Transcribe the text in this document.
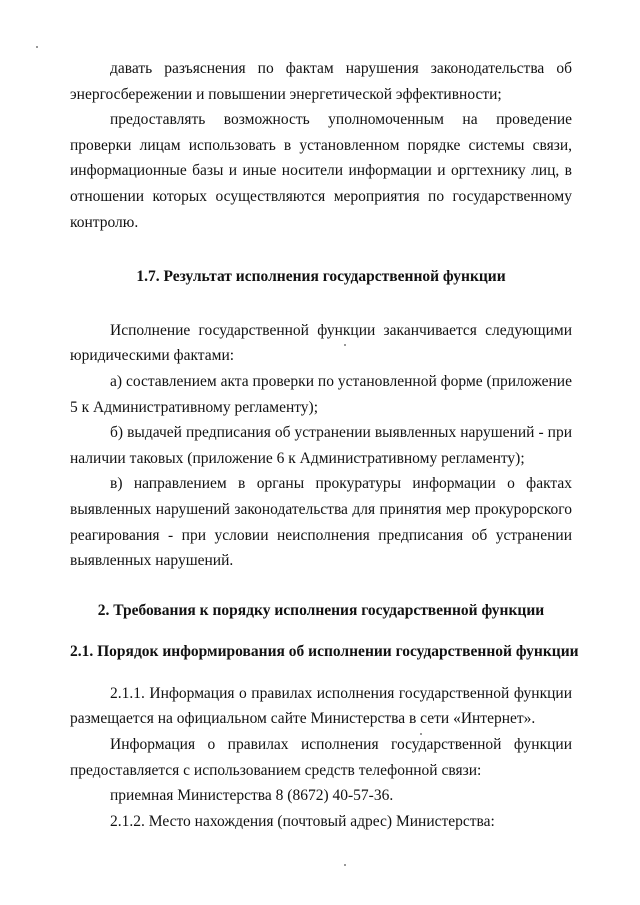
давать разъяснения по фактам нарушения законодательства об энергосбережении и повышении энергетической эффективности;

предоставлять возможность уполномоченным на проведение проверки лицам использовать в установленном порядке системы связи, информационные базы и иные носители информации и оргтехнику лиц, в отношении которых осуществляются мероприятия по государственному контролю.

1.7. Результат исполнения государственной функции

Исполнение государственной функции заканчивается следующими юридическими фактами:

а) составлением акта проверки по установленной форме (приложение 5 к Административному регламенту);

б) выдачей предписания об устранении выявленных нарушений - при наличии таковых (приложение 6 к Административному регламенту);

в) направлением в органы прокуратуры информации о фактах выявленных нарушений законодательства для принятия мер прокурорского реагирования - при условии неисполнения предписания об устранении выявленных нарушений.

2. Требования к порядку исполнения государственной функции

2.1. Порядок информирования об исполнении государственной функции

2.1.1. Информация о правилах исполнения государственной функции размещается на официальном сайте Министерства в сети «Интернет».

Информация о правилах исполнения государственной функции предоставляется с использованием средств телефонной связи:

приемная Министерства 8 (8672) 40-57-36.

2.1.2. Место нахождения (почтовый адрес) Министерства:
